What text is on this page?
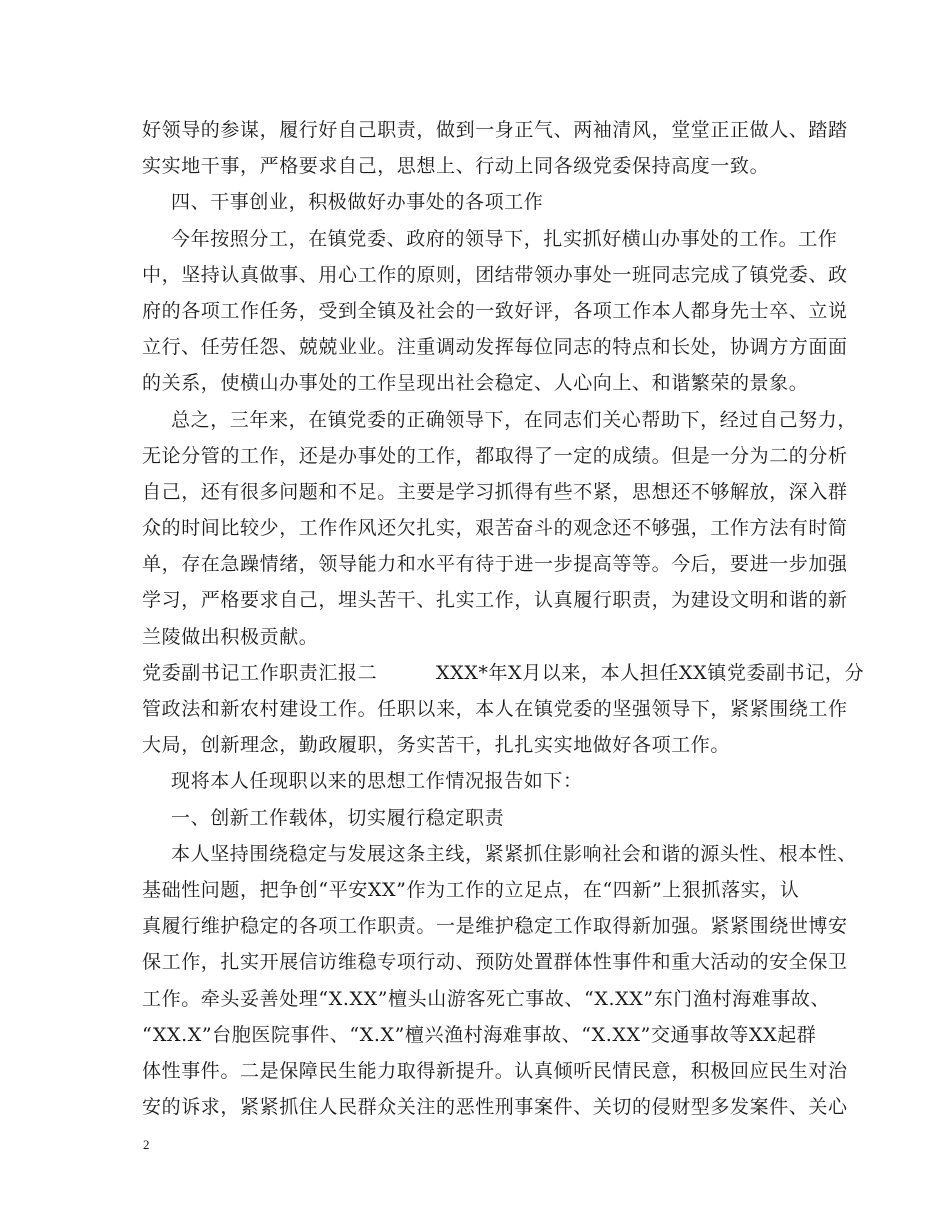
好领导的参谋，履行好自己职责，做到一身正气、两袖清风，堂堂正正做人、踏踏
实实地干事，严格要求自己，思想上、行动上同各级党委保持高度一致。
四、干事创业，积极做好办事处的各项工作
今年按照分工，在镇党委、政府的领导下，扎实抓好横山办事处的工作。工作
中，坚持认真做事、用心工作的原则，团结带领办事处一班同志完成了镇党委、政
府的各项工作任务，受到全镇及社会的一致好评，各项工作本人都身先士卒、立说
立行、任劳任怨、兢兢业业。注重调动发挥每位同志的特点和长处，协调方方面面
的关系，使横山办事处的工作呈现出社会稳定、人心向上、和谐繁荣的景象。
总之，三年来，在镇党委的正确领导下，在同志们关心帮助下，经过自己努力，
无论分管的工作，还是办事处的工作，都取得了一定的成绩。但是一分为二的分析
自己，还有很多问题和不足。主要是学习抓得有些不紧，思想还不够解放，深入群
众的时间比较少，工作作风还欠扎实，艰苦奋斗的观念还不够强，工作方法有时简
单，存在急躁情绪，领导能力和水平有待于进一步提高等等。今后，要进一步加强
学习，严格要求自己，埋头苦干、扎实工作，认真履行职责，为建设文明和谐的新
兰陵做出积极贡献。
党委副书记工作职责汇报二　　　XXX*年X月以来，本人担任XX镇党委副书记，分
管政法和新农村建设工作。任职以来，本人在镇党委的坚强领导下，紧紧围绕工作
大局，创新理念，勤政履职，务实苦干，扎扎实实地做好各项工作。
现将本人任现职以来的思想工作情况报告如下：
一、创新工作载体，切实履行稳定职责
本人坚持围绕稳定与发展这条主线，紧紧抓住影响社会和谐的源头性、根本性、
基础性问题，把争创“平安XX”作为工作的立足点，在“四新”上狠抓落实，认
真履行维护稳定的各项工作职责。一是维护稳定工作取得新加强。紧紧围绕世博安
保工作，扎实开展信访维稳专项行动、预防处置群体性事件和重大活动的安全保卫
工作。牵头妥善处理“X.XX”檀头山游客死亡事故、“X.XX”东门渔村海难事故、
“XX.X”台胞医院事件、“X.X”檀兴渔村海难事故、“X.XX”交通事故等XX起群
体性事件。二是保障民生能力取得新提升。认真倾听民情民意，积极回应民生对治
安的诉求，紧紧抓住人民群众关注的恶性刑事案件、关切的侵财型多发案件、关心
2
